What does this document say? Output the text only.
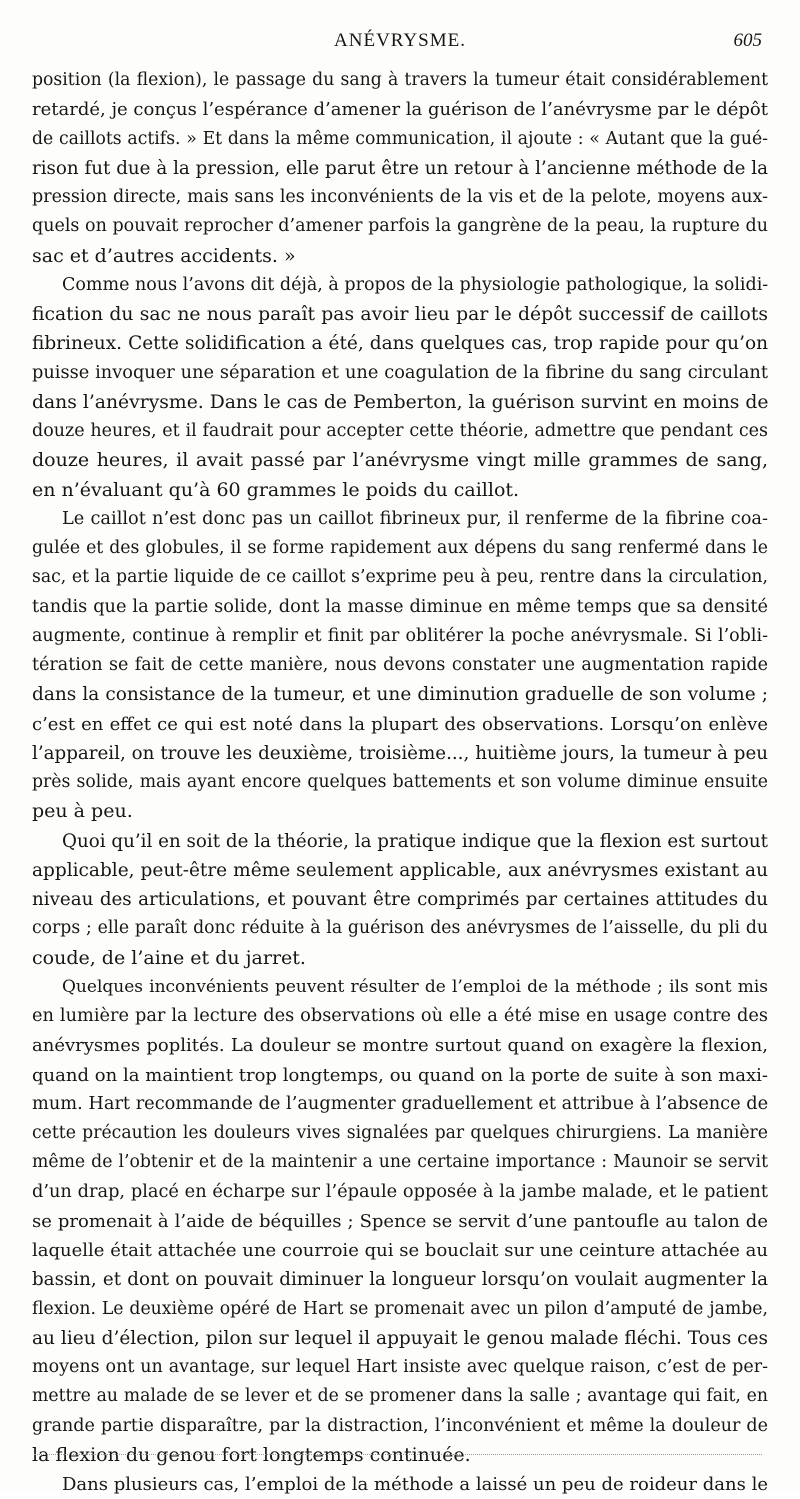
ANÉVRYSME.	605
position (la flexion), le passage du sang à travers la tumeur était considérablement
retardé, je conçus l’espérance d’amener la guérison de l’anévrysme par le dépôt
de caillots actifs. » Et dans la même communication, il ajoute : « Autant que la gué-
rison fut due à la pression, elle parut être un retour à l’ancienne méthode de la
pression directe, mais sans les inconvénients de la vis et de la pelote, moyens aux-
quels on pouvait reprocher d’amener parfois la gangrène de la peau, la rupture du
sac et d’autres accidents. »
Comme nous l’avons dit déjà, à propos de la physiologie pathologique, la solidi-
fication du sac ne nous paraît pas avoir lieu par le dépôt successif de caillots
fibrineux. Cette solidification a été, dans quelques cas, trop rapide pour qu’on
puisse invoquer une séparation et une coagulation de la fibrine du sang circulant
dans l’anévrysme. Dans le cas de Pemberton, la guérison survint en moins de
douze heures, et il faudrait pour accepter cette théorie, admettre que pendant ces
douze heures, il avait passé par l’anévrysme vingt mille grammes de sang,
en n’évaluant qu’à 60 grammes le poids du caillot.
Le caillot n’est donc pas un caillot fibrineux pur, il renferme de la fibrine coa-
gulée et des globules, il se forme rapidement aux dépens du sang renfermé dans le
sac, et la partie liquide de ce caillot s’exprime peu à peu, rentre dans la circulation,
tandis que la partie solide, dont la masse diminue en même temps que sa densité
augmente, continue à remplir et finit par oblitérer la poche anévrysmale. Si l’obli-
tération se fait de cette manière, nous devons constater une augmentation rapide
dans la consistance de la tumeur, et une diminution graduelle de son volume ;
c’est en effet ce qui est noté dans la plupart des observations. Lorsqu’on enlève
l’appareil, on trouve les deuxième, troisième..., huitième jours, la tumeur à peu
près solide, mais ayant encore quelques battements et son volume diminue ensuite
peu à peu.
Quoi qu’il en soit de la théorie, la pratique indique que la flexion est surtout
applicable, peut-être même seulement applicable, aux anévrysmes existant au
niveau des articulations, et pouvant être comprimés par certaines attitudes du
corps ; elle paraît donc réduite à la guérison des anévrysmes de l’aisselle, du pli du
coude, de l’aine et du jarret.
Quelques inconvénients peuvent résulter de l’emploi de la méthode ; ils sont mis
en lumière par la lecture des observations où elle a été mise en usage contre des
anévrysmes poplités. La douleur se montre surtout quand on exagère la flexion,
quand on la maintient trop longtemps, ou quand on la porte de suite à son maxi-
mum. Hart recommande de l’augmenter graduellement et attribue à l’absence de
cette précaution les douleurs vives signalées par quelques chirurgiens. La manière
même de l’obtenir et de la maintenir a une certaine importance : Maunoir se servit
d’un drap, placé en écharpe sur l’épaule opposée à la jambe malade, et le patient
se promenait à l’aide de béquilles ; Spence se servit d’une pantoufle au talon de
laquelle était attachée une courroie qui se bouclait sur une ceinture attachée au
bassin, et dont on pouvait diminuer la longueur lorsqu’on voulait augmenter la
flexion. Le deuxième opéré de Hart se promenait avec un pilon d’amputé de jambe,
au lieu d’élection, pilon sur lequel il appuyait le genou malade fléchi. Tous ces
moyens ont un avantage, sur lequel Hart insiste avec quelque raison, c’est de per-
mettre au malade de se lever et de se promener dans la salle ; avantage qui fait, en
grande partie disparaître, par la distraction, l’inconvénient et même la douleur de
la flexion du genou fort longtemps continuée.
Dans plusieurs cas, l’emploi de la méthode a laissé un peu de roideur dans le
